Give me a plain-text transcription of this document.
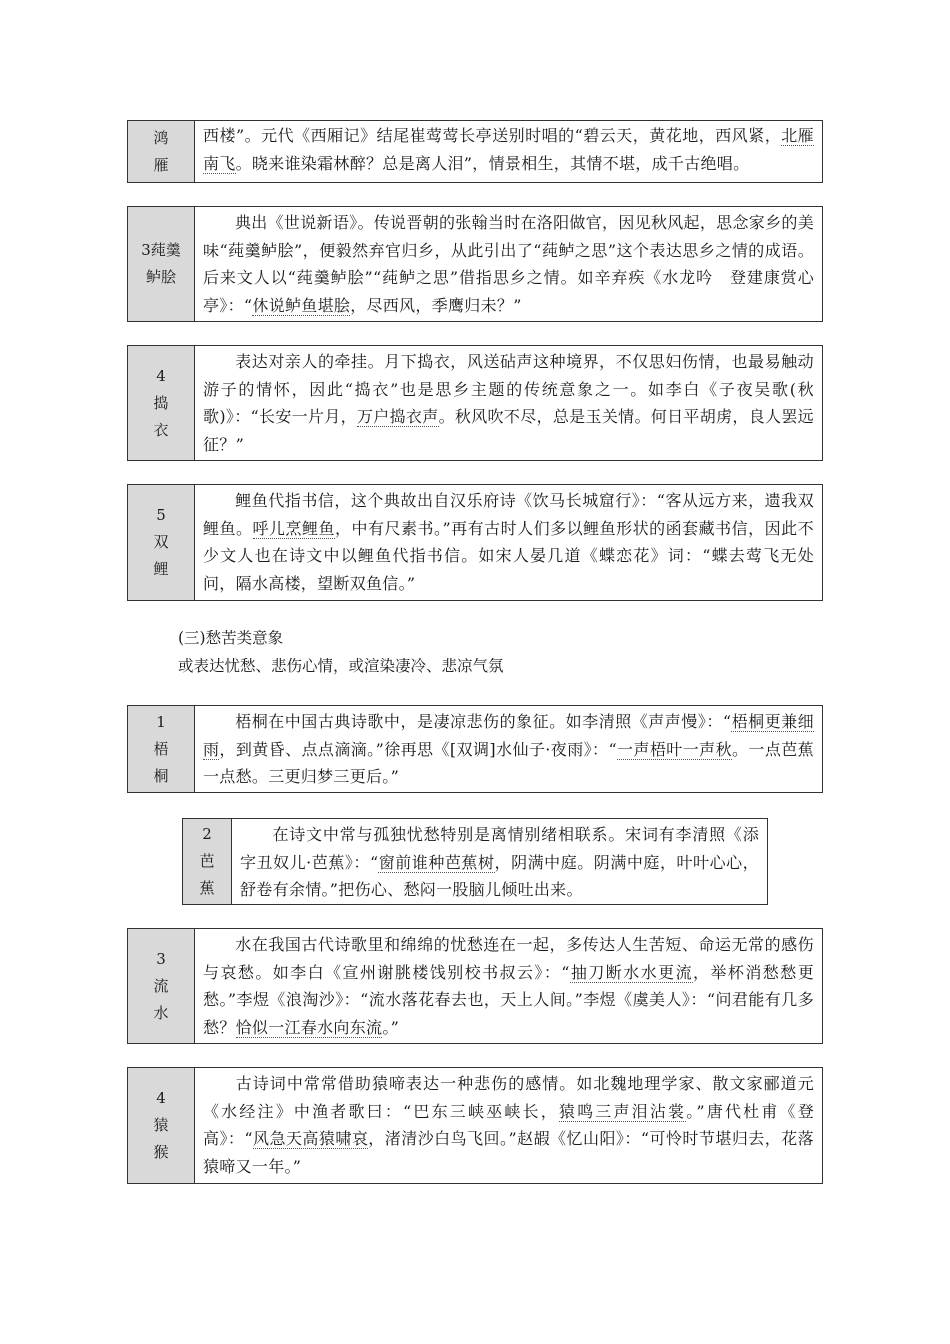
鸿
雁
西楼”。元代《西厢记》结尾崔莺莺长亭送别时唱的“碧云天，黄花地，西风紧，北雁南飞。晓来谁染霜林醉？总是离人泪”，情景相生，其情不堪，成千古绝唱。
3莼羹
鲈脍
典出《世说新语》。传说晋朝的张翰当时在洛阳做官，因见秋风起，思念家乡的美味“莼羹鲈脍”，便毅然弃官归乡，从此引出了“莼鲈之思”这个表达思乡之情的成语。后来文人以“莼羹鲈脍”“莼鲈之思”借指思乡之情。如辛弃疾《水龙吟　登建康赏心亭》：“休说鲈鱼堪脍，尽西风，季鹰归未？”
4
捣
衣
表达对亲人的牵挂。月下捣衣，风送砧声这种境界，不仅思妇伤情，也最易触动游子的情怀，因此“捣衣”也是思乡主题的传统意象之一。如李白《子夜吴歌(秋歌)》：“长安一片月，万户捣衣声。秋风吹不尽，总是玉关情。何日平胡虏，良人罢远征？”
5
双
鲤
鲤鱼代指书信，这个典故出自汉乐府诗《饮马长城窟行》：“客从远方来，遗我双鲤鱼。呼儿烹鲤鱼，中有尺素书。”再有古时人们多以鲤鱼形状的函套藏书信，因此不少文人也在诗文中以鲤鱼代指书信。如宋人晏几道《蝶恋花》词：“蝶去莺飞无处问，隔水高楼，望断双鱼信。”
(三)愁苦类意象
或表达忧愁、悲伤心情，或渲染凄冷、悲凉气氛
1
梧
桐
梧桐在中国古典诗歌中，是凄凉悲伤的象征。如李清照《声声慢》：“梧桐更兼细雨，到黄昏、点点滴滴。”徐再思《[双调]水仙子·夜雨》：“一声梧叶一声秋。一点芭蕉一点愁。三更归梦三更后。”
2
芭
蕉
在诗文中常与孤独忧愁特别是离情别绪相联系。宋词有李清照《添字丑奴儿·芭蕉》：“窗前谁种芭蕉树，阴满中庭。阴满中庭，叶叶心心，舒卷有余情。”把伤心、愁闷一股脑儿倾吐出来。
3
流
水
水在我国古代诗歌里和绵绵的忧愁连在一起，多传达人生苦短、命运无常的感伤与哀愁。如李白《宣州谢朓楼饯别校书叔云》：“抽刀断水水更流，举杯消愁愁更愁。”李煜《浪淘沙》：“流水落花春去也，天上人间。”李煜《虞美人》：“问君能有几多愁？恰似一江春水向东流。”
4
猿
猴
古诗词中常常借助猿啼表达一种悲伤的感情。如北魏地理学家、散文家郦道元《水经注》中渔者歌曰：“巴东三峡巫峡长，猿鸣三声泪沾裳。”唐代杜甫《登高》：“风急天高猿啸哀，渚清沙白鸟飞回。”赵嘏《忆山阳》：“可怜时节堪归去，花落猿啼又一年。”
